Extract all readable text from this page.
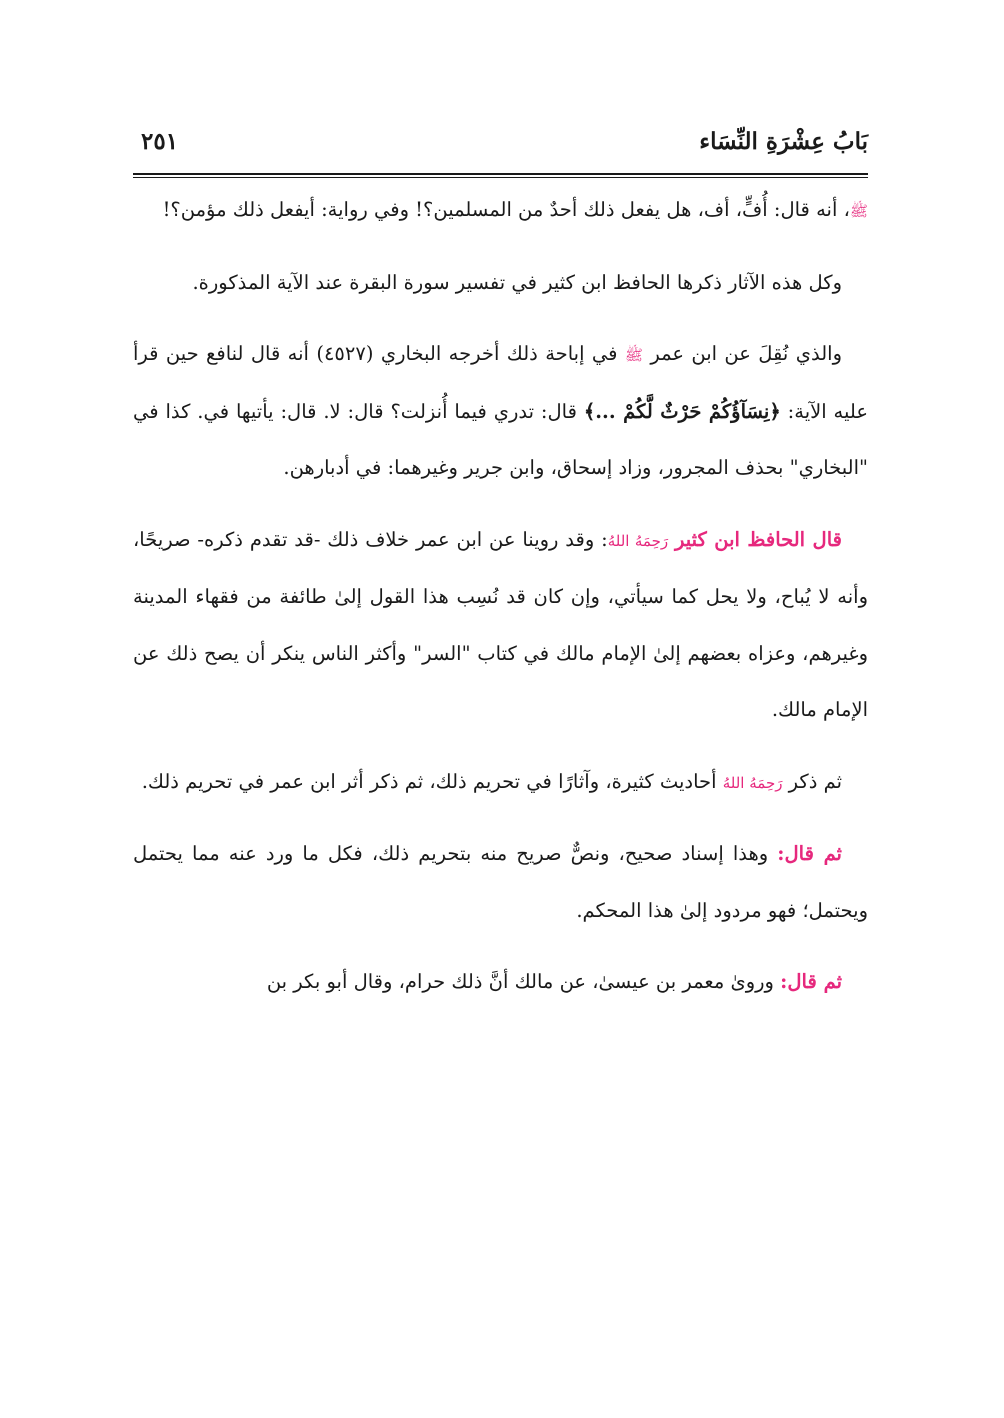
بَابُ عِشْرَةِ النِّسَاء
٢٥١

ﷺ، أنه قال: أُفٍّ، أف، هل يفعل ذلك أحدٌ من المسلمين؟! وفي رواية: أيفعل ذلك مؤمن؟!

وكل هذه الآثار ذكرها الحافظ ابن كثير في تفسير سورة البقرة عند الآية المذكورة.

والذي نُقِلَ عن ابن عمر ﷺ في إباحة ذلك أخرجه البخاري (٤٥٢٧) أنه قال لنافع حين قرأ عليه الآية: ﴿نِسَآؤُكُمْ حَرْثٌ لَّكُمْ ...﴾ قال: تدري فيما أُنزلت؟ قال: لا. قال: يأتيها في. كذا في "البخاري" بحذف المجرور، وزاد إسحاق، وابن جرير وغيرهما: في أدبارهن.

قال الحافظ ابن كثير رَحِمَهُ اللهُ: وقد روينا عن ابن عمر خلاف ذلك -قد تقدم ذكره- صريحًا، وأنه لا يُباح، ولا يحل كما سيأتي، وإن كان قد نُسِب هذا القول إلىٰ طائفة من فقهاء المدينة وغيرهم، وعزاه بعضهم إلىٰ الإمام مالك في كتاب "السر" وأكثر الناس ينكر أن يصح ذلك عن الإمام مالك.

ثم ذكر رَحِمَهُ اللهُ أحاديث كثيرة، وآثارًا في تحريم ذلك، ثم ذكر أثر ابن عمر في تحريم ذلك.

ثم قال: وهذا إسناد صحيح، ونصٌّ صريح منه بتحريم ذلك، فكل ما ورد عنه مما يحتمل ويحتمل؛ فهو مردود إلىٰ هذا المحكم.

ثم قال: ورویٰ معمر بن عيسىٰ، عن مالك أنَّ ذلك حرام، وقال أبو بكر بن
